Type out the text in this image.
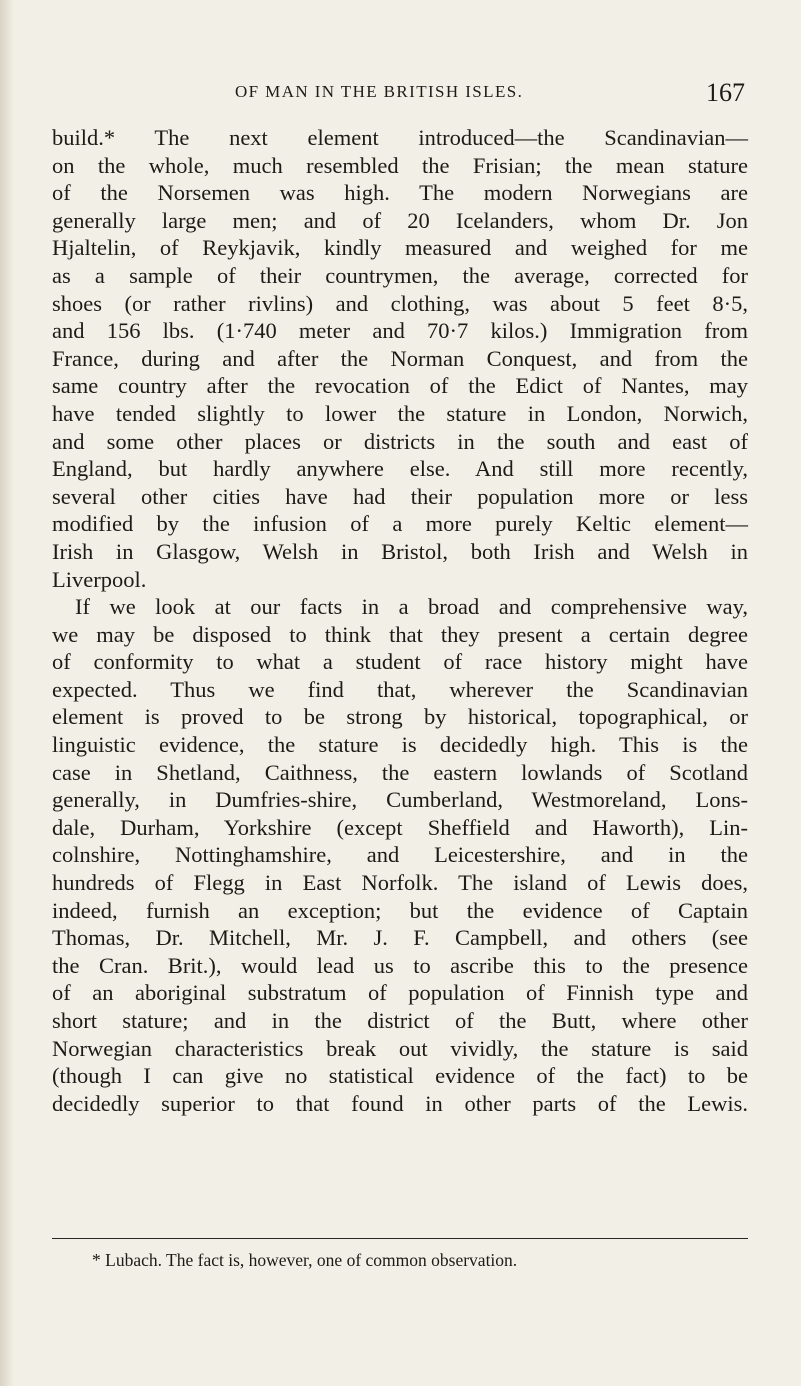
OF MAN IN THE BRITISH ISLES.	167
build.* The next element introduced—the Scandinavian—
on the whole, much resembled the Frisian; the mean stature
of the Norsemen was high. The modern Norwegians are
generally large men; and of 20 Icelanders, whom Dr. Jon
Hjaltelin, of Reykjavik, kindly measured and weighed for me
as a sample of their countrymen, the average, corrected for
shoes (or rather rivlins) and clothing, was about 5 feet 8·5,
and 156 lbs. (1·740 meter and 70·7 kilos.) Immigration from
France, during and after the Norman Conquest, and from the
same country after the revocation of the Edict of Nantes, may
have tended slightly to lower the stature in London, Norwich,
and some other places or districts in the south and east of
England, but hardly anywhere else. And still more recently,
several other cities have had their population more or less
modified by the infusion of a more purely Keltic element—
Irish in Glasgow, Welsh in Bristol, both Irish and Welsh in
Liverpool.
If we look at our facts in a broad and comprehensive way,
we may be disposed to think that they present a certain degree
of conformity to what a student of race history might have
expected. Thus we find that, wherever the Scandinavian
element is proved to be strong by historical, topographical, or
linguistic evidence, the stature is decidedly high. This is the
case in Shetland, Caithness, the eastern lowlands of Scotland
generally, in Dumfries-shire, Cumberland, Westmoreland, Lons-
dale, Durham, Yorkshire (except Sheffield and Haworth), Lin-
colnshire, Nottinghamshire, and Leicestershire, and in the
hundreds of Flegg in East Norfolk. The island of Lewis does,
indeed, furnish an exception; but the evidence of Captain
Thomas, Dr. Mitchell, Mr. J. F. Campbell, and others (see
the Cran. Brit.), would lead us to ascribe this to the presence
of an aboriginal substratum of population of Finnish type and
short stature; and in the district of the Butt, where other
Norwegian characteristics break out vividly, the stature is said
(though I can give no statistical evidence of the fact) to be
decidedly superior to that found in other parts of the Lewis.
* Lubach. The fact is, however, one of common observation.
